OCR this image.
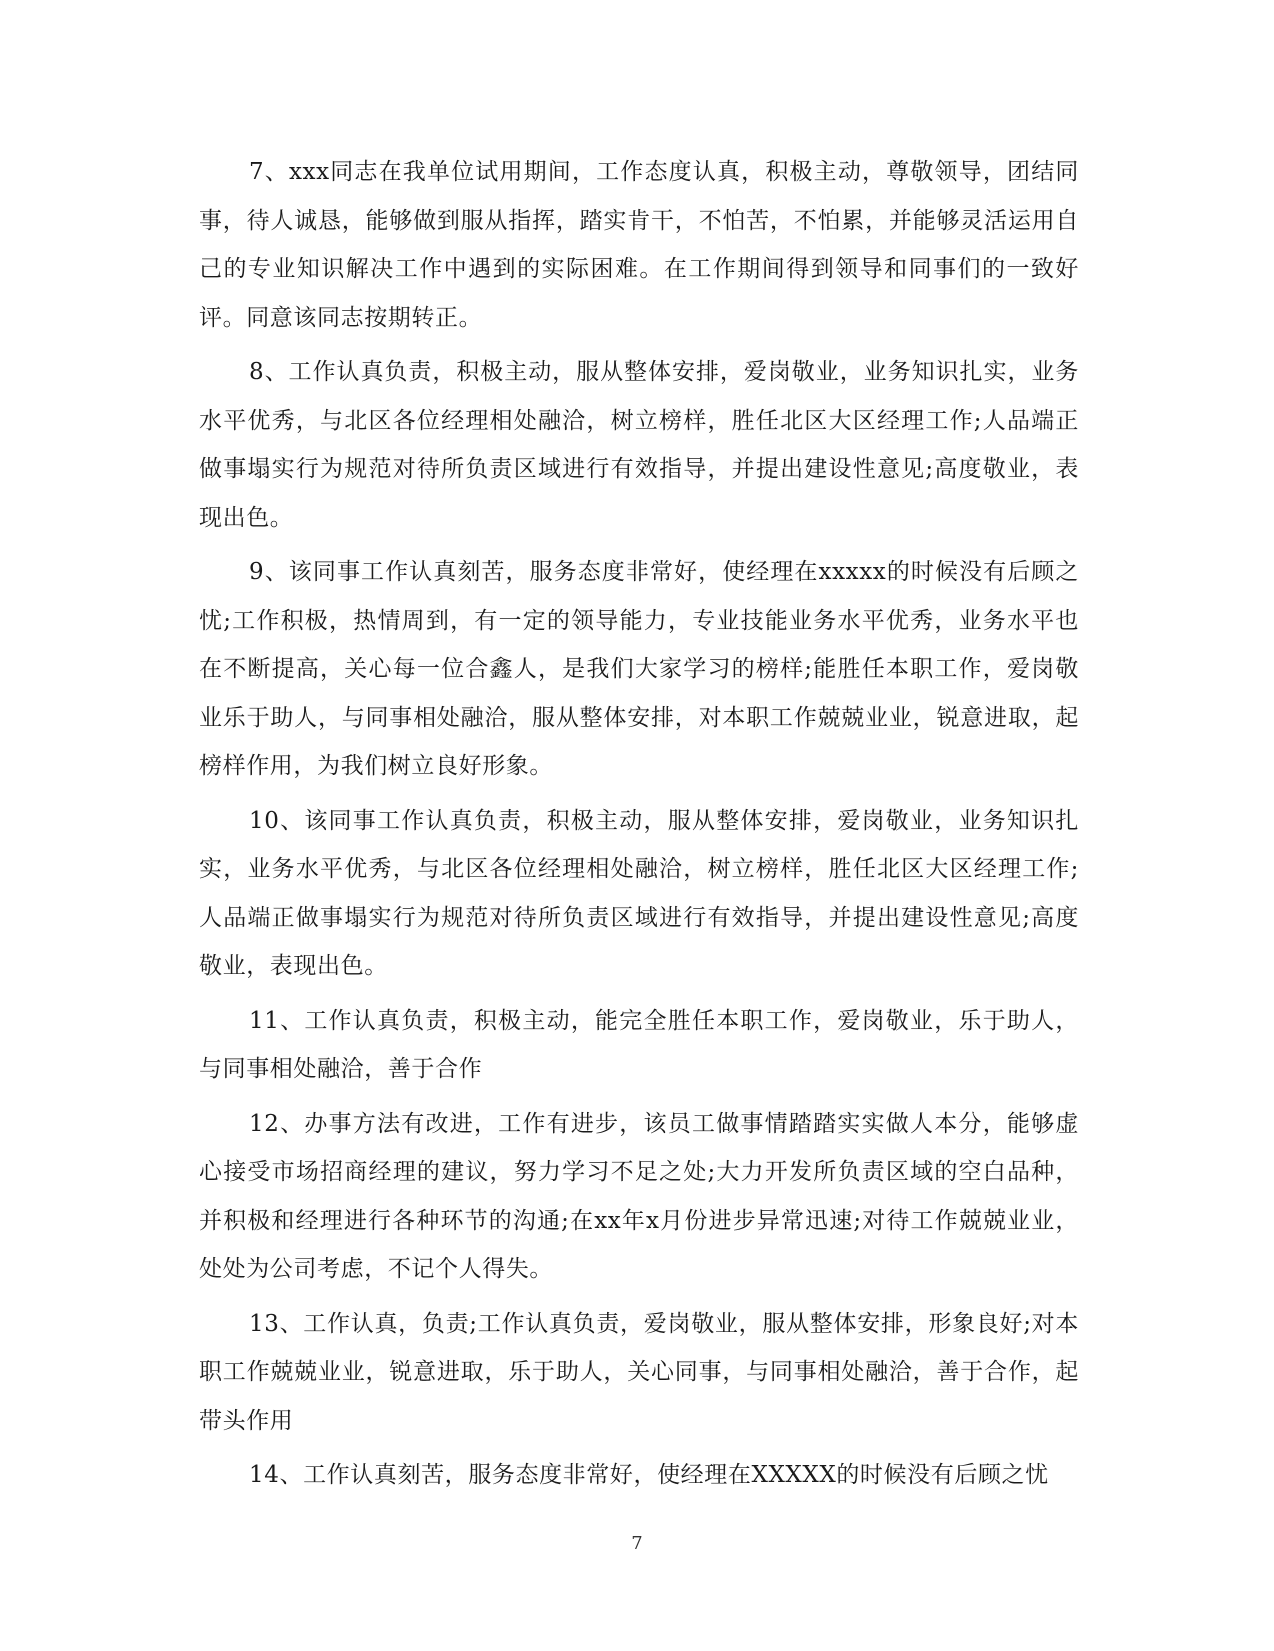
7、xxx同志在我单位试用期间，工作态度认真，积极主动，尊敬领导，团结同事，待人诚恳，能够做到服从指挥，踏实肯干，不怕苦，不怕累，并能够灵活运用自己的专业知识解决工作中遇到的实际困难。在工作期间得到领导和同事们的一致好评。同意该同志按期转正。

8、工作认真负责，积极主动，服从整体安排，爱岗敬业，业务知识扎实，业务水平优秀，与北区各位经理相处融洽，树立榜样，胜任北区大区经理工作;人品端正做事塌实行为规范对待所负责区域进行有效指导，并提出建设性意见;高度敬业，表现出色。

9、该同事工作认真刻苦，服务态度非常好，使经理在xxxxx的时候没有后顾之忧;工作积极，热情周到，有一定的领导能力，专业技能业务水平优秀，业务水平也在不断提高，关心每一位合鑫人，是我们大家学习的榜样;能胜任本职工作，爱岗敬业乐于助人，与同事相处融洽，服从整体安排，对本职工作兢兢业业，锐意进取，起榜样作用，为我们树立良好形象。

10、该同事工作认真负责，积极主动，服从整体安排，爱岗敬业，业务知识扎实，业务水平优秀，与北区各位经理相处融洽，树立榜样，胜任北区大区经理工作;人品端正做事塌实行为规范对待所负责区域进行有效指导，并提出建设性意见;高度敬业，表现出色。

11、工作认真负责，积极主动，能完全胜任本职工作，爱岗敬业，乐于助人，与同事相处融洽，善于合作

12、办事方法有改进，工作有进步，该员工做事情踏踏实实做人本分，能够虚心接受市场招商经理的建议，努力学习不足之处;大力开发所负责区域的空白品种，并积极和经理进行各种环节的沟通;在xx年x月份进步异常迅速;对待工作兢兢业业，处处为公司考虑，不记个人得失。

13、工作认真，负责;工作认真负责，爱岗敬业，服从整体安排，形象良好;对本职工作兢兢业业，锐意进取，乐于助人，关心同事，与同事相处融洽，善于合作，起带头作用

14、工作认真刻苦，服务态度非常好，使经理在XXXXX的时候没有后顾之忧

7
